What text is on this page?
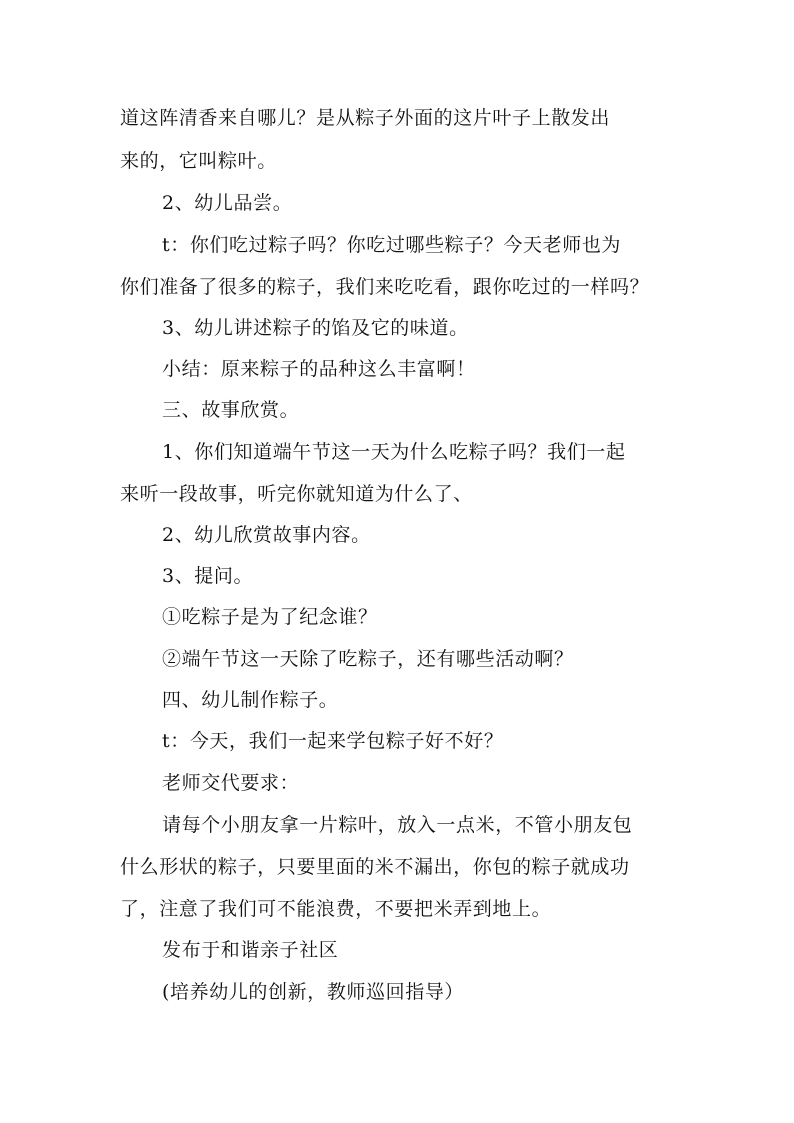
道这阵清香来自哪儿？是从粽子外面的这片叶子上散发出
来的，它叫粽叶。
2、幼儿品尝。
t：你们吃过粽子吗？你吃过哪些粽子？今天老师也为
你们准备了很多的粽子，我们来吃吃看，跟你吃过的一样吗？
3、幼儿讲述粽子的馅及它的味道。
小结：原来粽子的品种这么丰富啊！
三、故事欣赏。
1、你们知道端午节这一天为什么吃粽子吗？我们一起
来听一段故事，听完你就知道为什么了、
2、幼儿欣赏故事内容。
3、提问。
①吃粽子是为了纪念谁？
②端午节这一天除了吃粽子，还有哪些活动啊？
四、幼儿制作粽子。
t：今天，我们一起来学包粽子好不好？
老师交代要求：
请每个小朋友拿一片粽叶，放入一点米，不管小朋友包
什么形状的粽子，只要里面的米不漏出，你包的粽子就成功
了，注意了我们可不能浪费，不要把米弄到地上。
发布于和谐亲子社区
(培养幼儿的创新，教师巡回指导）
